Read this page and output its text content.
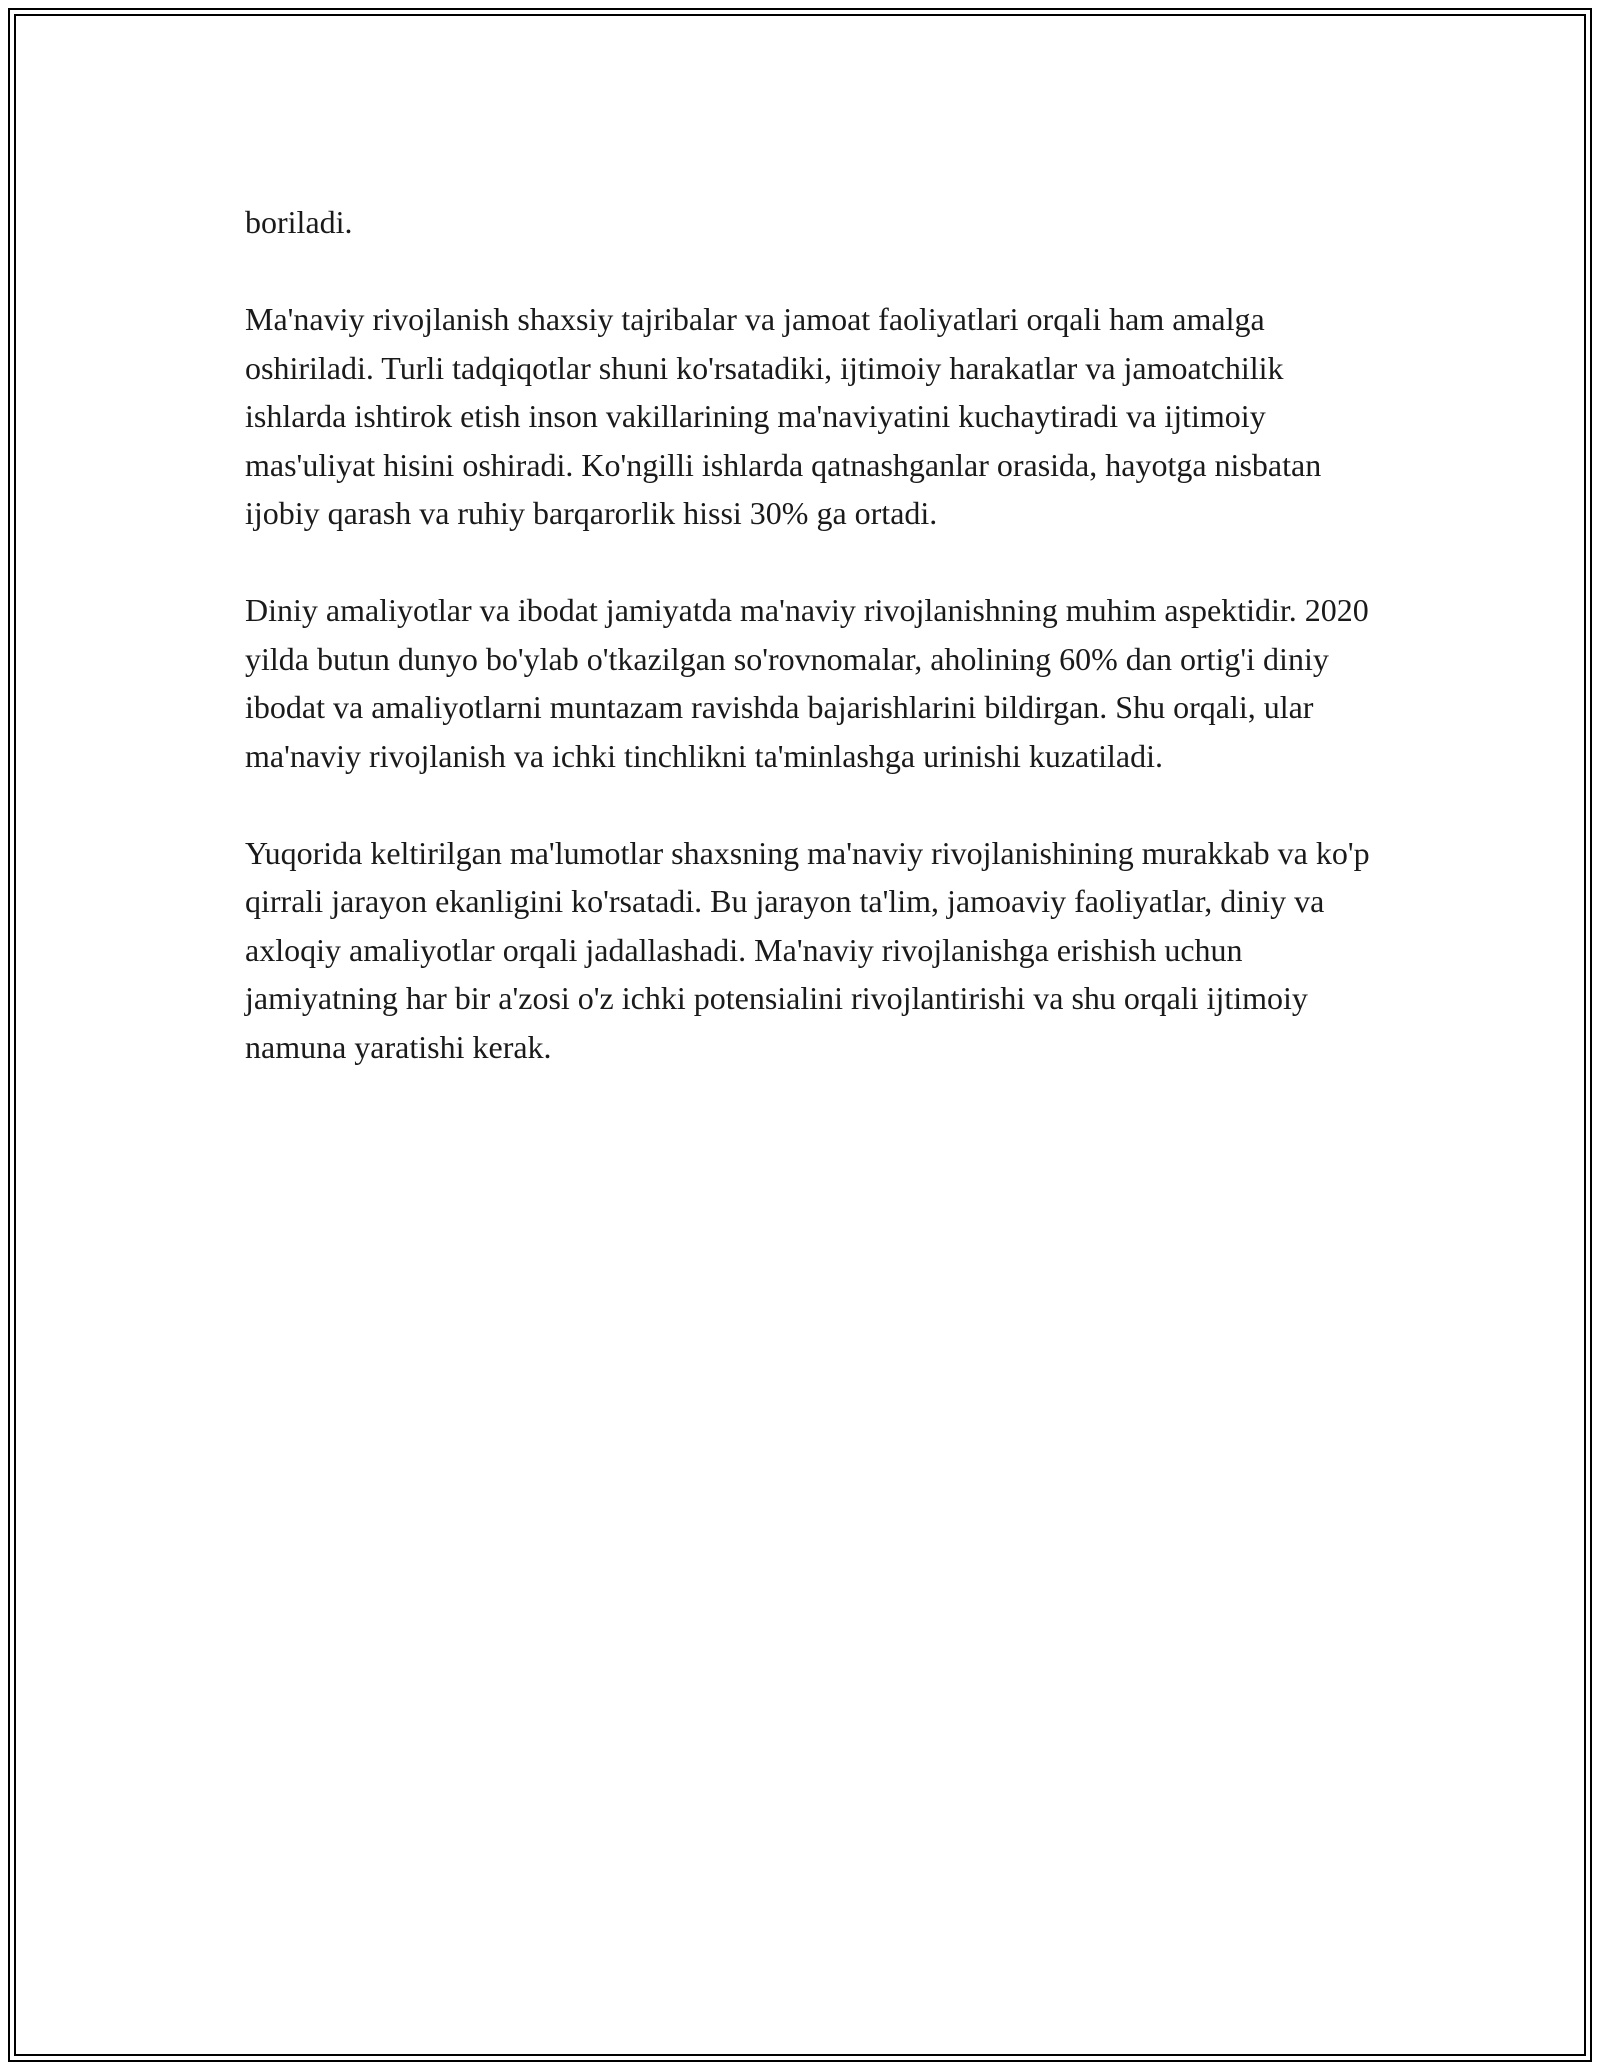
boriladi.

Ma'naviy rivojlanish shaxsiy tajribalar va jamoat faoliyatlari orqali ham amalga oshiriladi. Turli tadqiqotlar shuni ko'rsatadiki, ijtimoiy harakatlar va jamoatchilik ishlarda ishtirok etish inson vakillarining ma'naviyatini kuchaytiradi va ijtimoiy mas'uliyat hisini oshiradi. Ko'ngilli ishlarda qatnashganlar orasida, hayotga nisbatan ijobiy qarash va ruhiy barqarorlik hissi 30% ga ortadi.

Diniy amaliyotlar va ibodat jamiyatda ma'naviy rivojlanishning muhim aspektidir. 2020 yilda butun dunyo bo'ylab o'tkazilgan so'rovnomalar, aholining 60% dan ortig'i diniy ibodat va amaliyotlarni muntazam ravishda bajarishlarini bildirgan. Shu orqali, ular ma'naviy rivojlanish va ichki tinchlikni ta'minlashga urinishi kuzatiladi.

Yuqorida keltirilgan ma'lumotlar shaxsning ma'naviy rivojlanishining murakkab va ko'p qirrali jarayon ekanligini ko'rsatadi. Bu jarayon ta'lim, jamoaviy faoliyatlar, diniy va axloqiy amaliyotlar orqali jadallashadi. Ma'naviy rivojlanishga erishish uchun jamiyatning har bir a'zosi o'z ichki potensialini rivojlantirishi va shu orqali ijtimoiy namuna yaratishi kerak.
